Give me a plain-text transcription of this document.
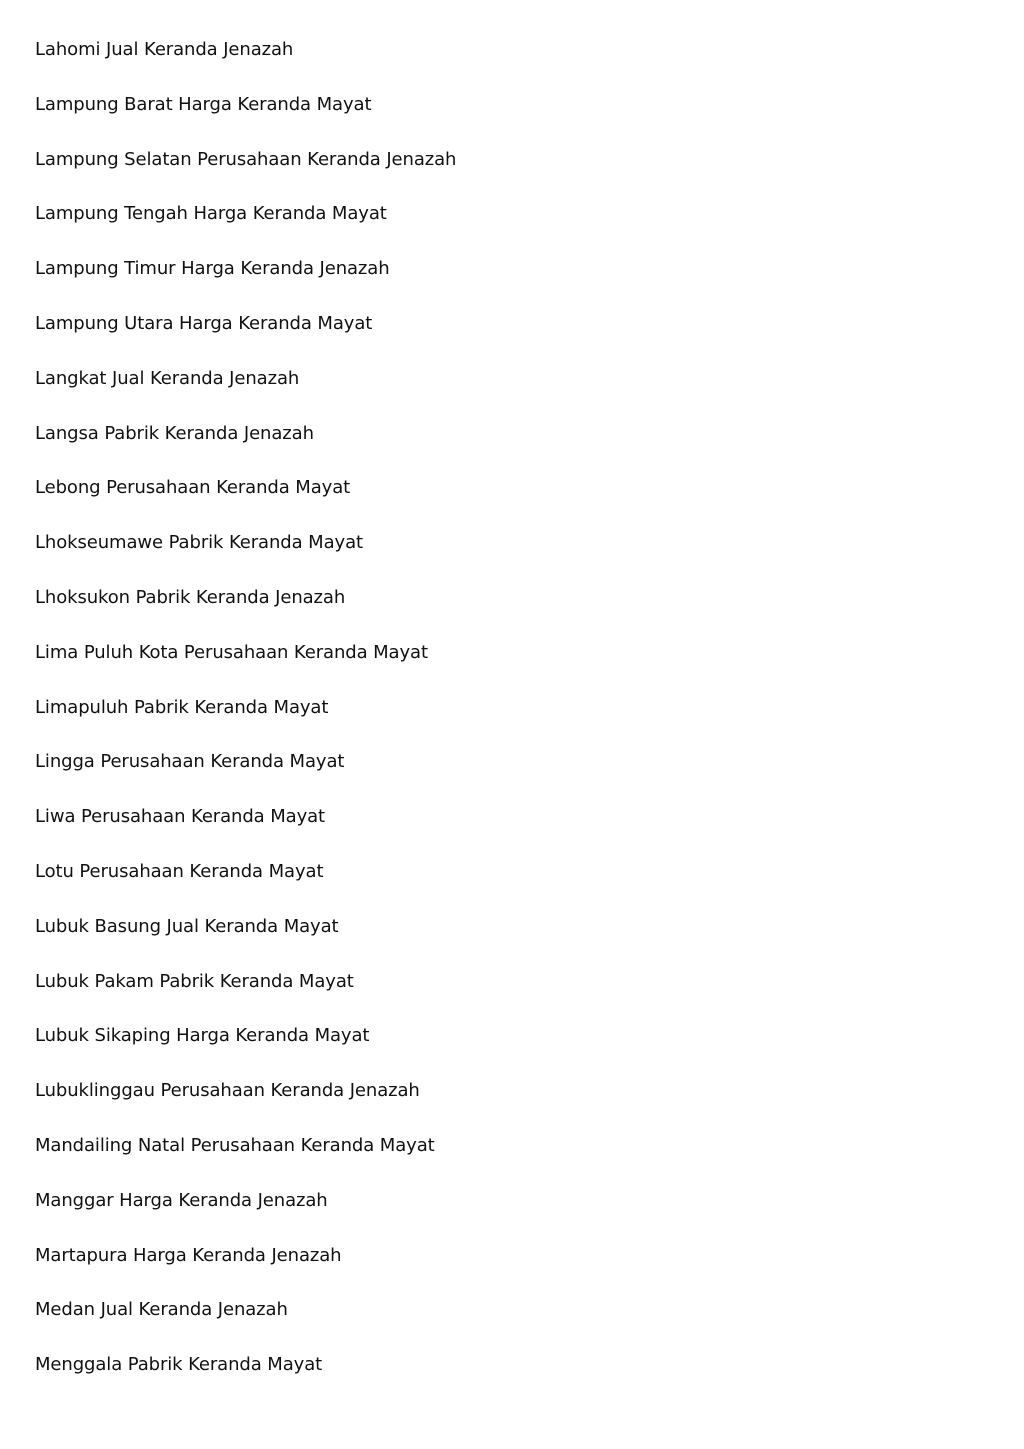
Lahomi Jual Keranda Jenazah
Lampung Barat Harga Keranda Mayat
Lampung Selatan Perusahaan Keranda Jenazah
Lampung Tengah Harga Keranda Mayat
Lampung Timur Harga Keranda Jenazah
Lampung Utara Harga Keranda Mayat
Langkat Jual Keranda Jenazah
Langsa Pabrik Keranda Jenazah
Lebong Perusahaan Keranda Mayat
Lhokseumawe Pabrik Keranda Mayat
Lhoksukon Pabrik Keranda Jenazah
Lima Puluh Kota Perusahaan Keranda Mayat
Limapuluh Pabrik Keranda Mayat
Lingga Perusahaan Keranda Mayat
Liwa Perusahaan Keranda Mayat
Lotu Perusahaan Keranda Mayat
Lubuk Basung Jual Keranda Mayat
Lubuk Pakam Pabrik Keranda Mayat
Lubuk Sikaping Harga Keranda Mayat
Lubuklinggau Perusahaan Keranda Jenazah
Mandailing Natal Perusahaan Keranda Mayat
Manggar Harga Keranda Jenazah
Martapura Harga Keranda Jenazah
Medan Jual Keranda Jenazah
Menggala Pabrik Keranda Mayat
